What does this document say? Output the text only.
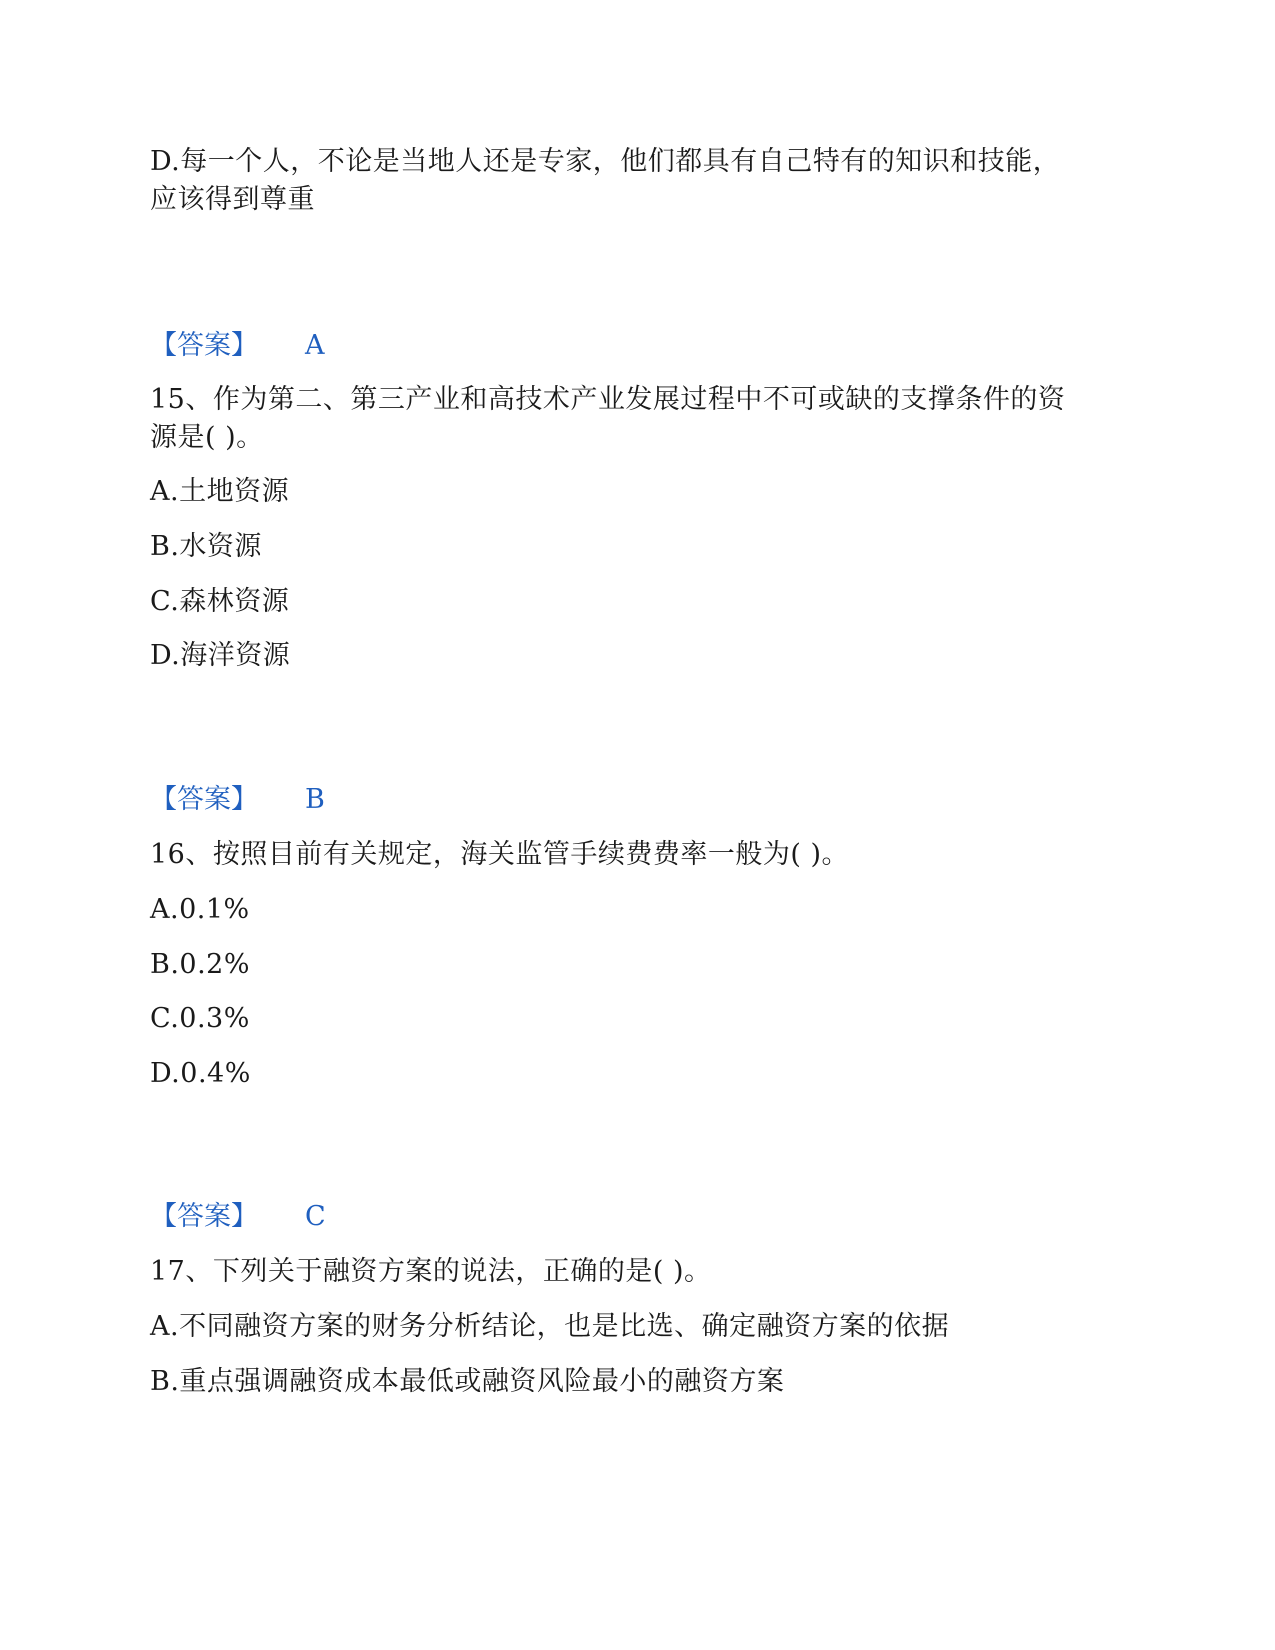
D.每一个人，不论是当地人还是专家，他们都具有自己特有的知识和技能，
应该得到尊重
【答案】 A
15、作为第二、第三产业和高技术产业发展过程中不可或缺的支撑条件的资
源是( )。
A.土地资源
B.水资源
C.森林资源
D.海洋资源
【答案】 B
16、按照目前有关规定，海关监管手续费费率一般为( )。
A.0.1%
B.0.2%
C.0.3%
D.0.4%
【答案】 C
17、下列关于融资方案的说法，正确的是( )。
A.不同融资方案的财务分析结论，也是比选、确定融资方案的依据
B.重点强调融资成本最低或融资风险最小的融资方案
